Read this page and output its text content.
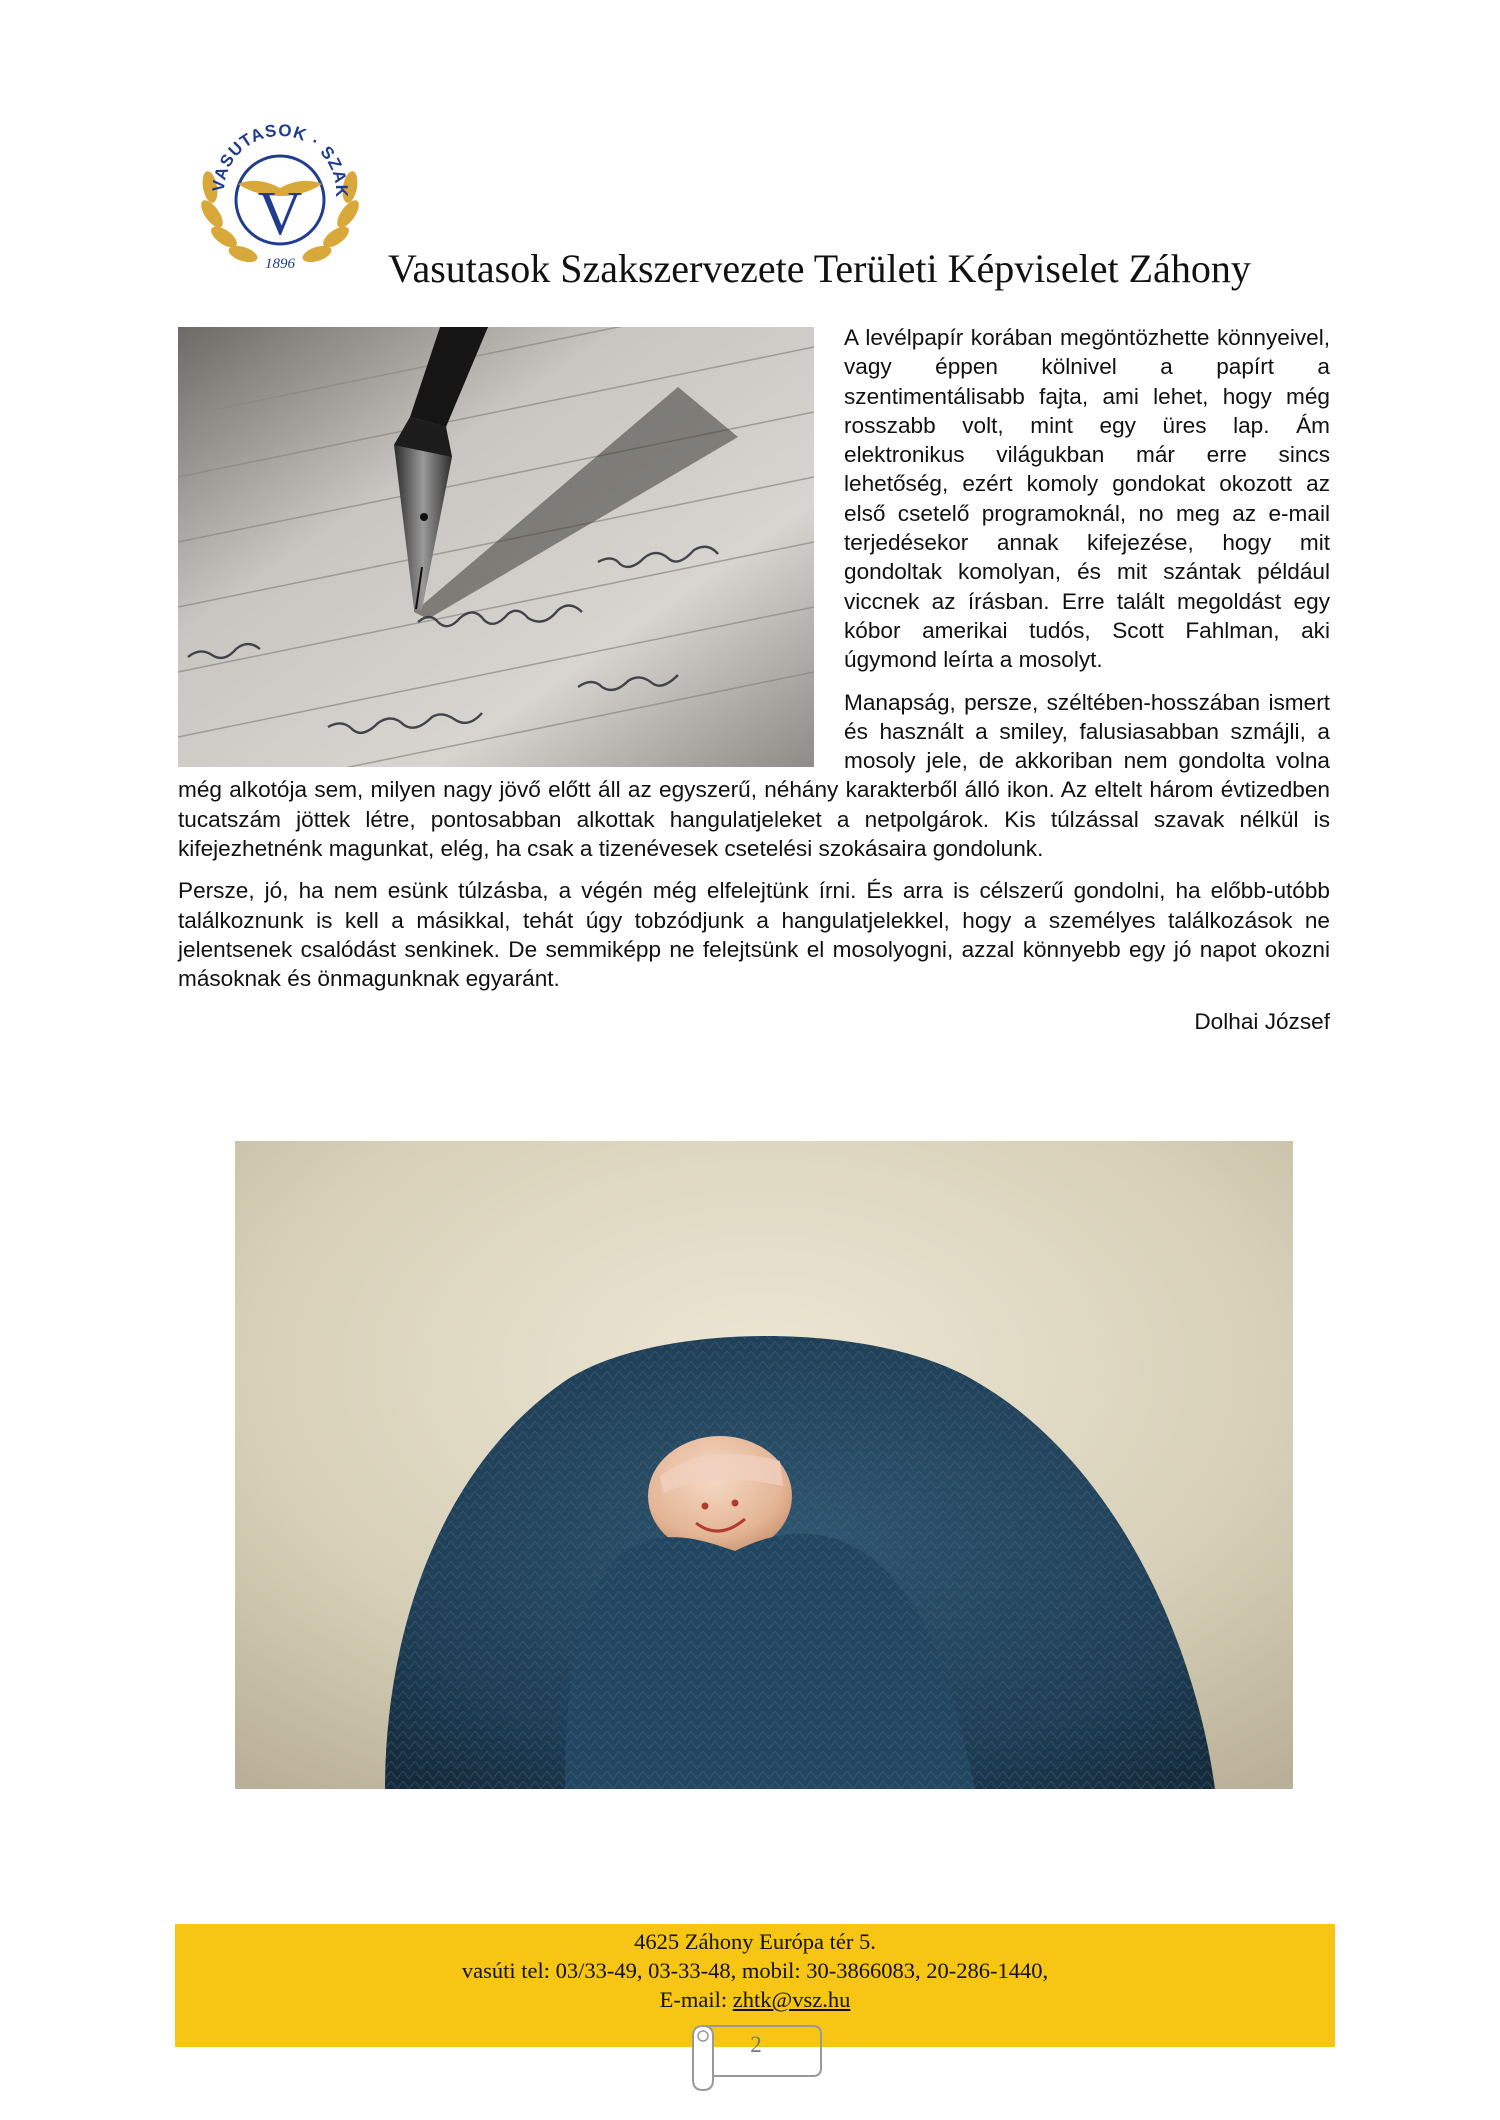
VASUTASOK · SZAK
V
1896 Vasutasok Szakszervezete Területi Képviselet Záhony

A levélpapír korában megöntözhette könnyeivel, vagy éppen kölnivel a papírt a szentimentálisabb fajta, ami lehet, hogy még rosszabb volt, mint egy üres lap. Ám elektronikus világukban már erre sincs lehetőség, ezért komoly gondokat okozott az első csetelő programoknál, no meg az e-mail terjedésekor annak kifejezése, hogy mit gondoltak komolyan, és mit szántak például viccnek az írásban. Erre talált megoldást egy kóbor amerikai tudós, Scott Fahlman, aki úgymond leírta a mosolyt.

Manapság, persze, széltében-hosszában ismert és használt a smiley, falusiasabban szmájli, a mosoly jele, de akkoriban nem gondolta volna még alkotója sem, milyen nagy jövő előtt áll az egyszerű, néhány karakterből álló ikon. Az eltelt három évtizedben tucatszám jöttek létre, pontosabban alkottak hangulatjeleket a netpolgárok. Kis túlzással szavak nélkül is kifejezhetnénk magunkat, elég, ha csak a tizenévesek csetelési szokásaira gondolunk.

Persze, jó, ha nem esünk túlzásba, a végén még elfelejtünk írni. És arra is célszerű gondolni, ha előbb-utóbb találkoznunk is kell a másikkal, tehát úgy tobzódjunk a hangulatjelekkel, hogy a személyes találkozások ne jelentsenek csalódást senkinek. De semmiképp ne felejtsünk el mosolyogni, azzal könnyebb egy jó napot okozni másoknak és önmagunknak egyaránt.

Dolhai József
4625 Záhony Európa tér 5.
vasúti tel: 03/33-49, 03-33-48, mobil: 30-3866083, 20-286-1440,
E-mail: zhtk@vsz.hu
2
